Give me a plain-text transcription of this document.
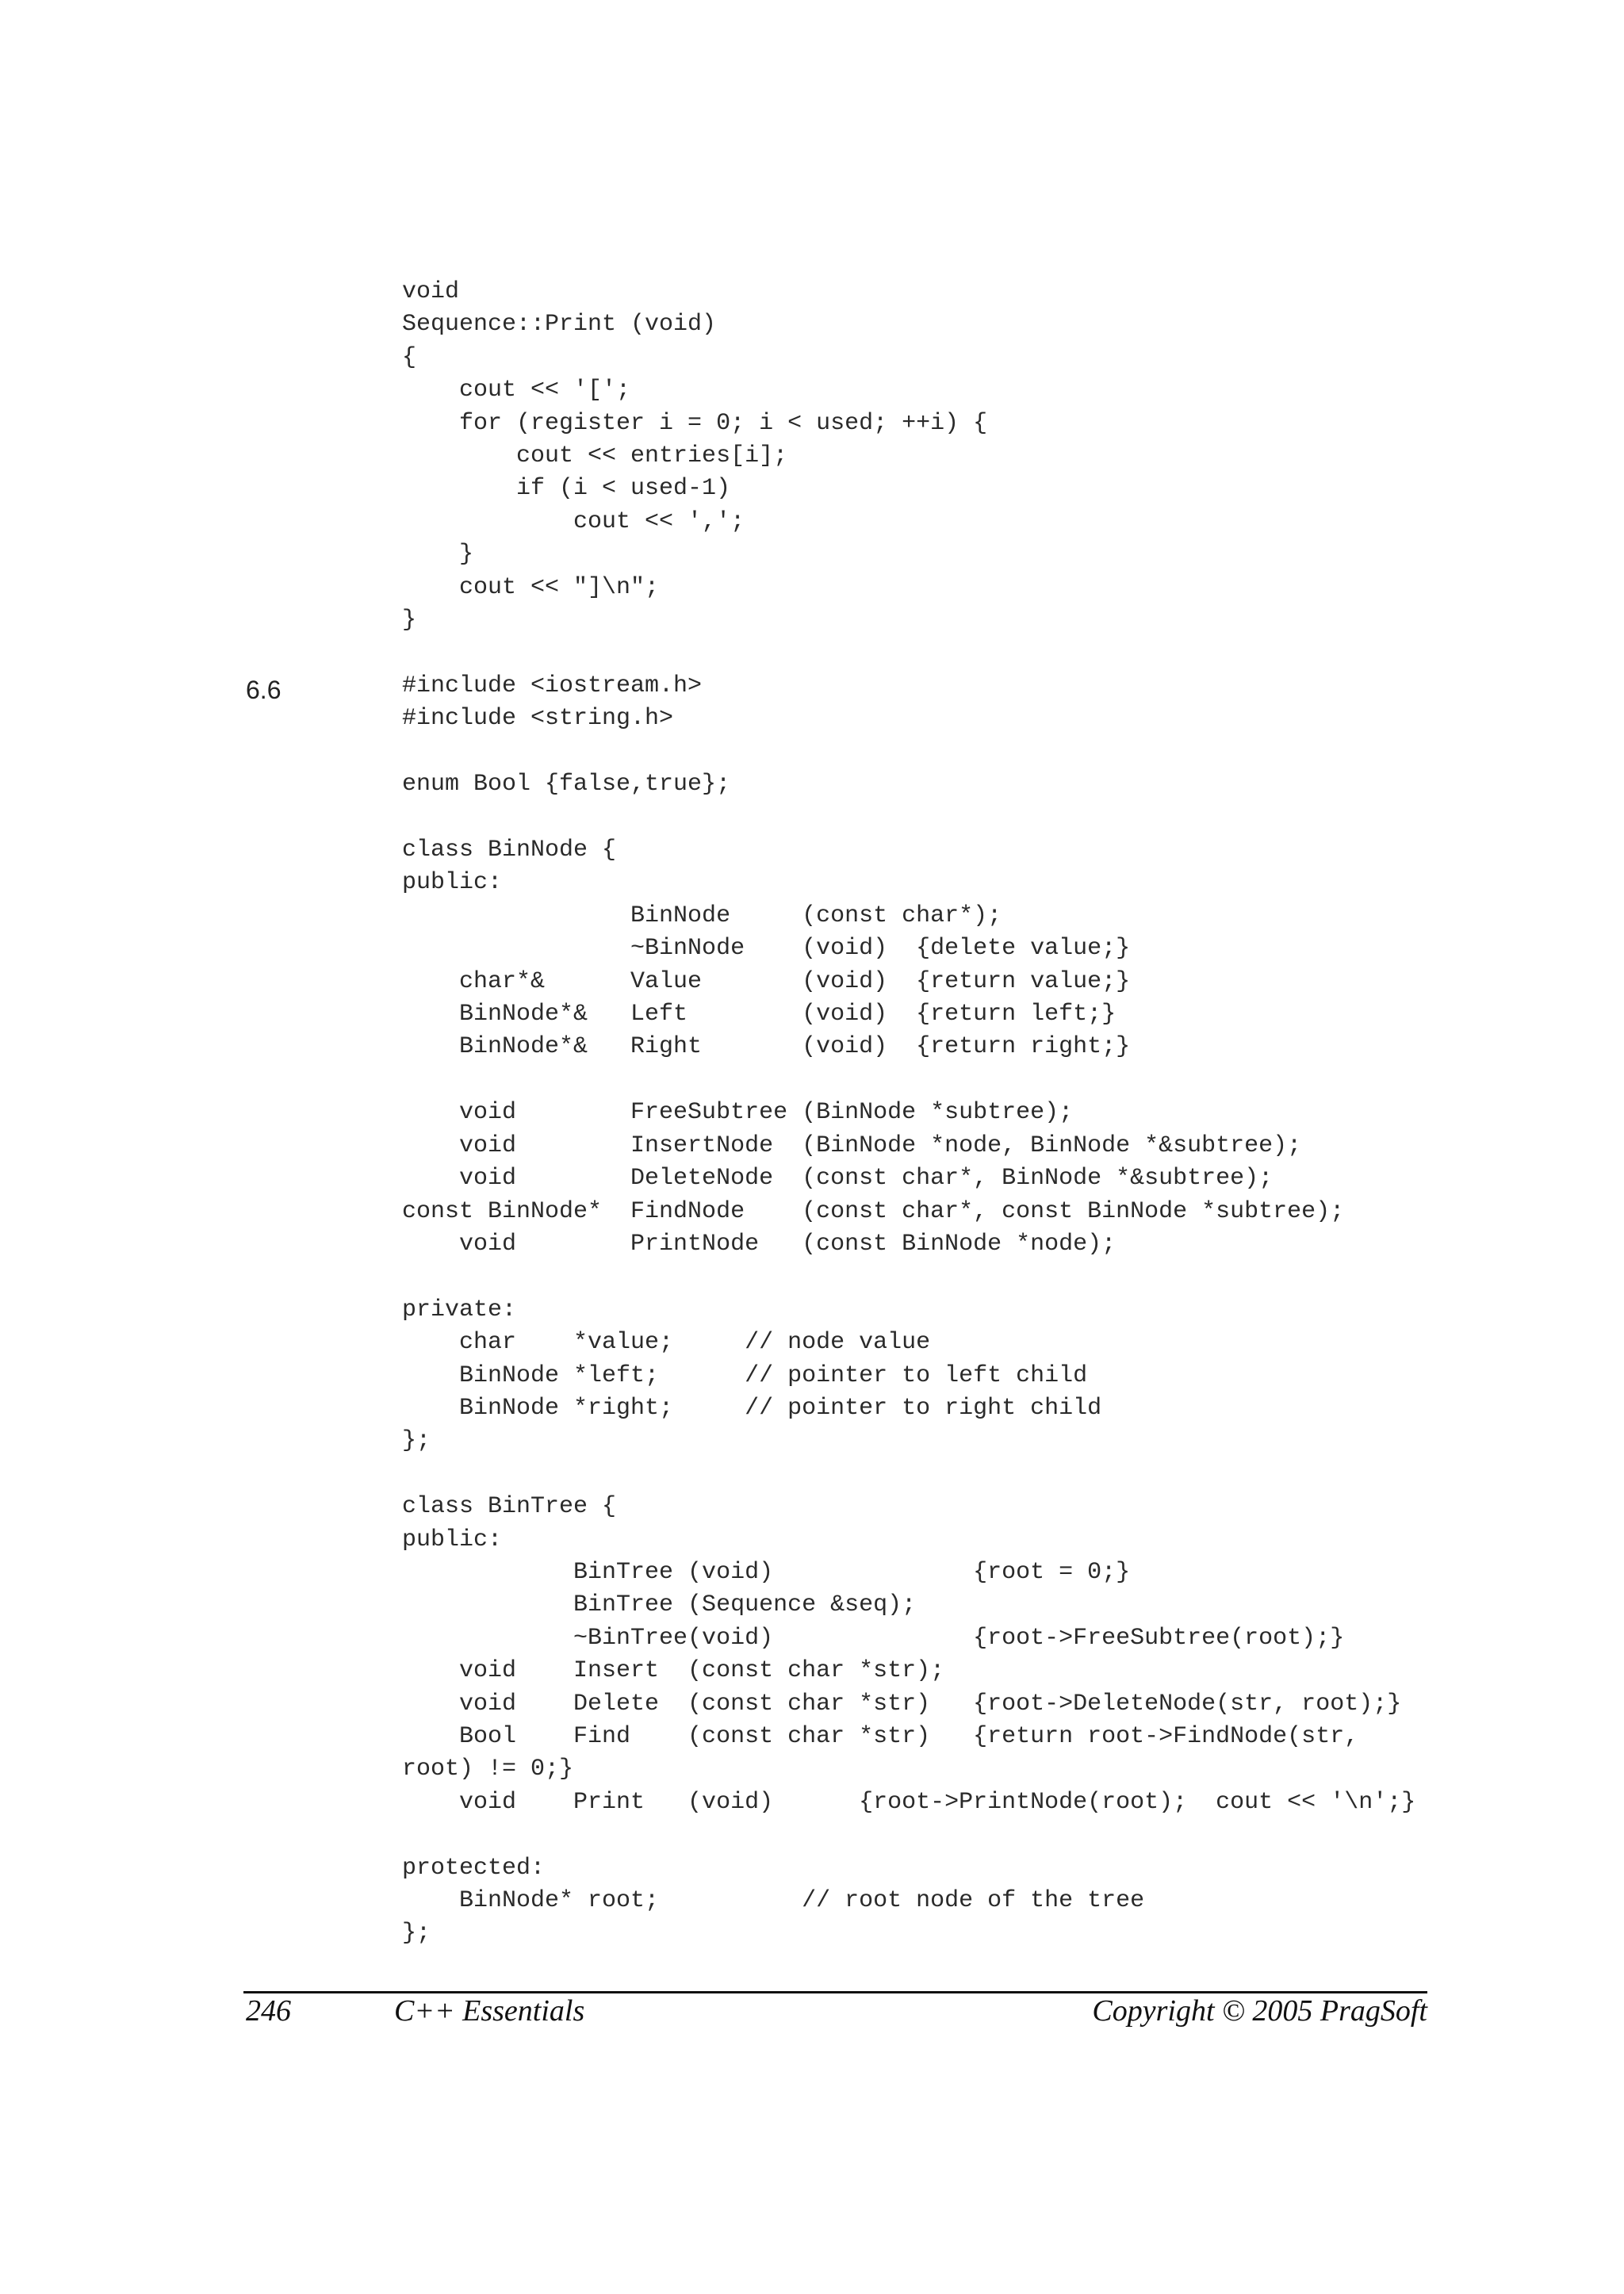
void
Sequence::Print (void)
{
cout << '[';
for (register i = 0; i < used; ++i) {
cout << entries[i];
if (i < used-1)
cout << ',';
}
cout << "]\n";
}
6.6	#include <iostream.h>
#include <string.h>

enum Bool {false,true};

class BinNode {
public:
BinNode     (const char*);
~BinNode    (void)  {delete value;}
char*&      Value       (void)  {return value;}
BinNode*&   Left        (void)  {return left;}
BinNode*&   Right       (void)  {return right;}

void        FreeSubtree (BinNode *subtree);
void        InsertNode  (BinNode *node, BinNode *&subtree);
void        DeleteNode  (const char*, BinNode *&subtree);
const BinNode*  FindNode    (const char*, const BinNode *subtree);
void        PrintNode   (const BinNode *node);

private:
char    *value;     // node value
BinNode *left;      // pointer to left child
BinNode *right;     // pointer to right child
};

class BinTree {
public:
BinTree (void)              {root = 0;}
BinTree (Sequence &seq);
~BinTree(void)              {root->FreeSubtree(root);}
void    Insert  (const char *str);
void    Delete  (const char *str)   {root->DeleteNode(str, root);}
Bool    Find    (const char *str)   {return root->FindNode(str,
root) != 0;}
void    Print   (void)      {root->PrintNode(root);  cout << '\n';}

protected:
BinNode* root;          // root node of the tree
};
246	C++ Essentials	Copyright © 2005 PragSoft
